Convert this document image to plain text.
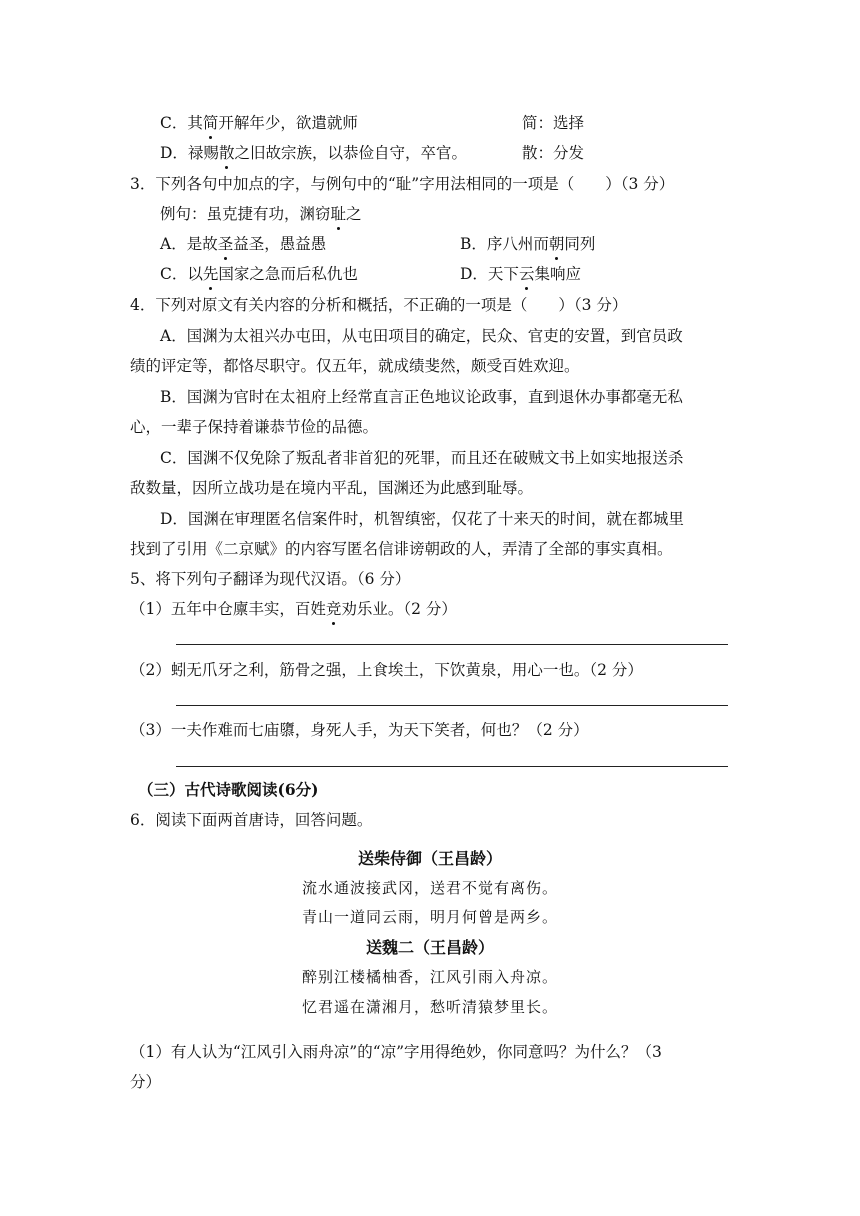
C．其简开解年少，欲遣就师	简：选择
D．禄赐散之旧故宗族，以恭俭自守，卒官。	散：分发
3．下列各句中加点的字，与例句中的“耻”字用法相同的一项是（　　）（3 分）
例句：虽克捷有功，渊窃耻之
A．是故圣益圣，愚益愚	B．序八州而朝同列
C．以先国家之急而后私仇也	D．天下云集响应
4．下列对原文有关内容的分析和概括，不正确的一项是（　　）（3 分）
A．国渊为太祖兴办屯田，从屯田项目的确定，民众、官吏的安置，到官员政
绩的评定等，都恪尽职守。仅五年，就成绩斐然，颇受百姓欢迎。
B．国渊为官时在太祖府上经常直言正色地议论政事，直到退休办事都毫无私
心，一辈子保持着谦恭节俭的品德。
C．国渊不仅免除了叛乱者非首犯的死罪，而且还在破贼文书上如实地报送杀
敌数量，因所立战功是在境内平乱，国渊还为此感到耻辱。
D．国渊在审理匿名信案件时，机智缜密，仅花了十来天的时间，就在都城里
找到了引用《二京赋》的内容写匿名信诽谤朝政的人，弄清了全部的事实真相。
5、将下列句子翻译为现代汉语。（6 分）
（1）五年中仓廪丰实，百姓竞劝乐业。（2 分）
（2）蚓无爪牙之利，筋骨之强，上食埃土，下饮黄泉，用心一也。（2 分）
（3）一夫作难而七庙隳，身死人手，为天下笑者，何也？（2 分）
（三）古代诗歌阅读(6分)
6．阅读下面两首唐诗，回答问题。
送柴侍御（王昌龄）
流水通波接武冈，送君不觉有离伤。
青山一道同云雨，明月何曾是两乡。
送魏二（王昌龄）
醉别江楼橘柚香，江风引雨入舟凉。
忆君遥在潇湘月，愁听清猿梦里长。
（1）有人认为“江风引入雨舟凉”的“凉”字用得绝妙，你同意吗？为什么？（3
分）
